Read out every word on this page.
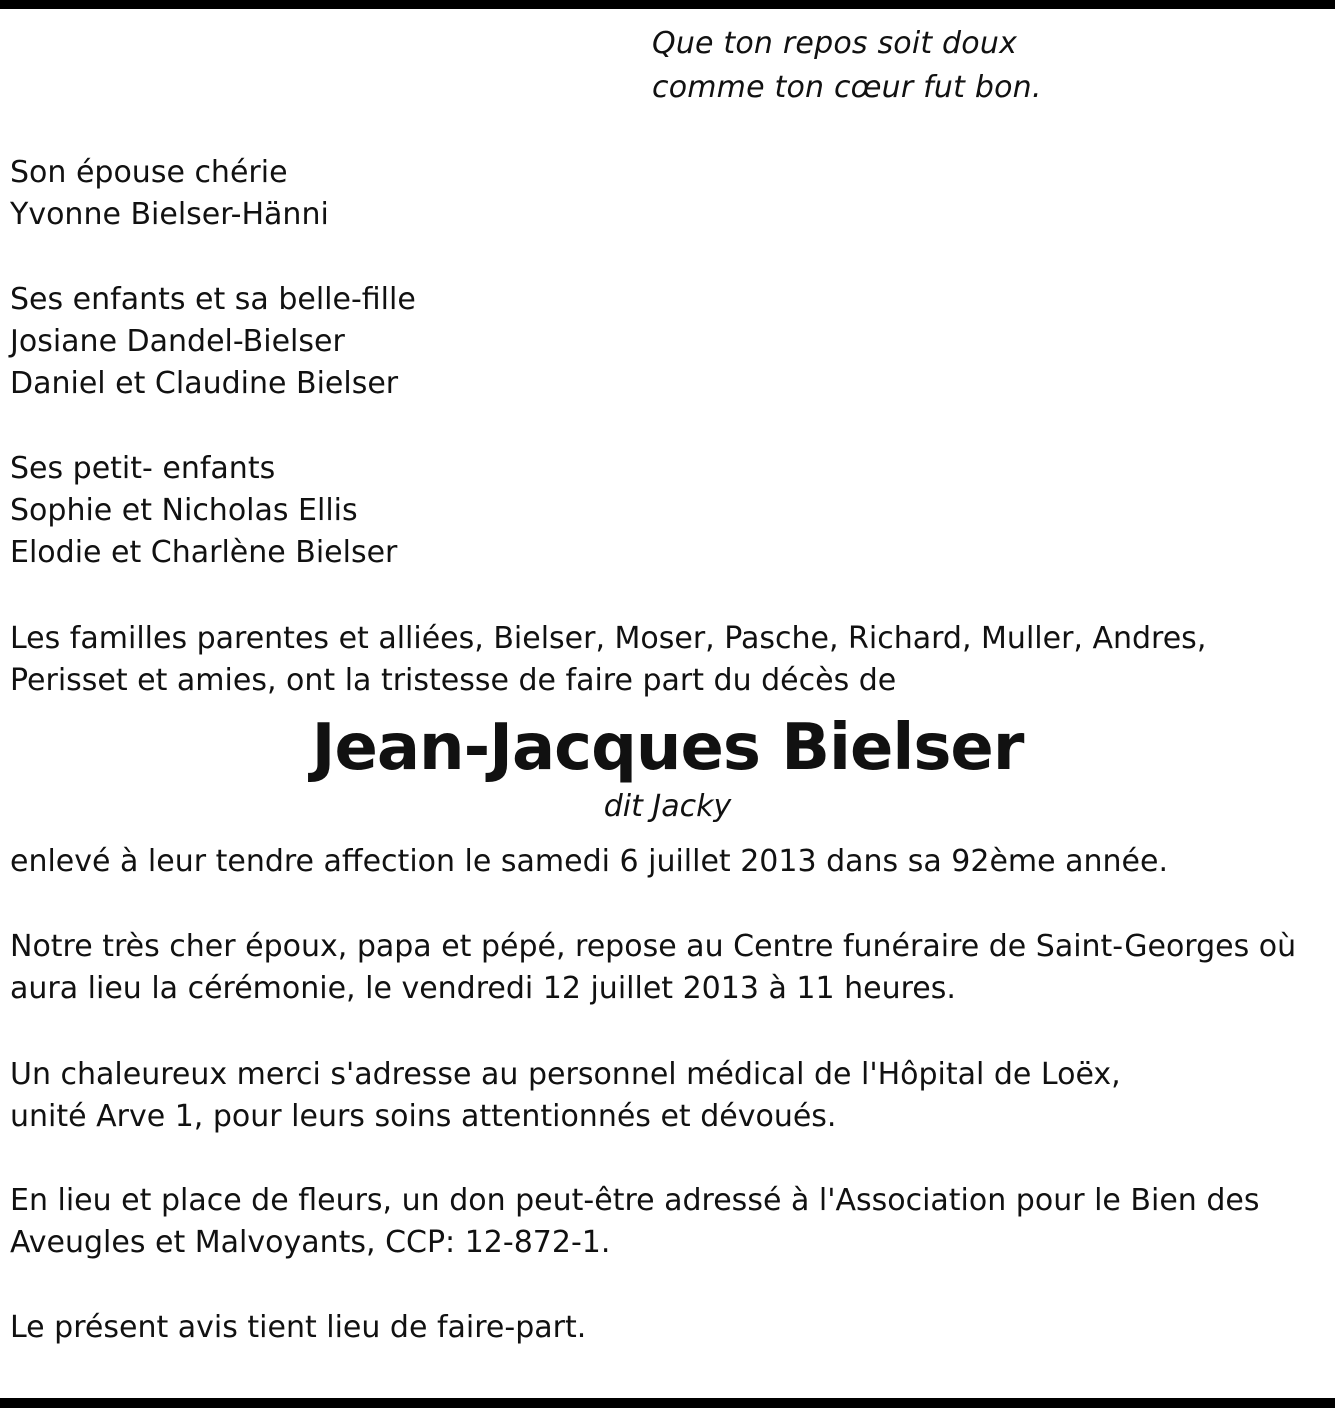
Que ton repos soit doux
comme ton cœur fut bon.
Son épouse chérie
Yvonne Bielser-Hänni
Ses enfants et sa belle-fille
Josiane Dandel-Bielser
Daniel et Claudine Bielser
Ses petit- enfants
Sophie et Nicholas Ellis
Elodie et Charlène Bielser
Les familles parentes et alliées, Bielser, Moser, Pasche, Richard, Muller, Andres,
Perisset et amies, ont la tristesse de faire part du décès de
Jean-Jacques Bielser
dit Jacky
enlevé à leur tendre affection le samedi 6 juillet 2013 dans sa 92ème année.
Notre très cher époux, papa et pépé, repose au Centre funéraire de Saint-Georges où
aura lieu la cérémonie, le vendredi 12 juillet 2013 à 11 heures.
Un chaleureux merci s'adresse au personnel médical de l'Hôpital de Loëx,
unité Arve 1, pour leurs soins attentionnés et dévoués.
En lieu et place de fleurs, un don peut-être adressé à l'Association pour le Bien des
Aveugles et Malvoyants, CCP: 12-872-1.
Le présent avis tient lieu de faire-part.
